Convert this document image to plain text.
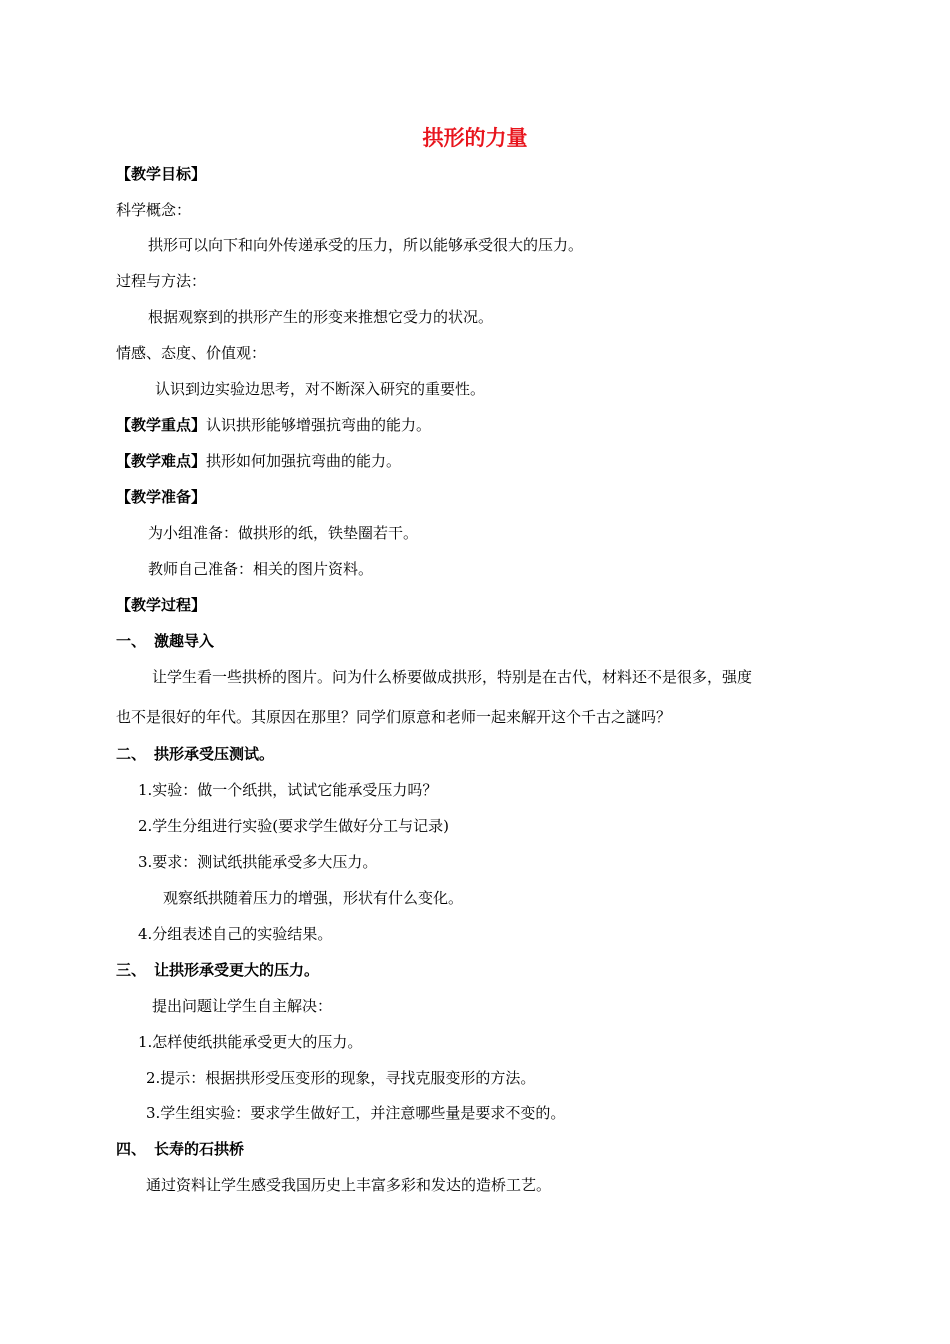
拱形的力量
【教学目标】
科学概念：
拱形可以向下和向外传递承受的压力，所以能够承受很大的压力。
过程与方法：
根据观察到的拱形产生的形变来推想它受力的状况。
情感、态度、价值观：
认识到边实验边思考，对不断深入研究的重要性。
【教学重点】认识拱形能够增强抗弯曲的能力。
【教学难点】拱形如何加强抗弯曲的能力。
【教学准备】
为小组准备：做拱形的纸，铁垫圈若干。
教师自己准备：相关的图片资料。
【教学过程】
一、 激趣导入
让学生看一些拱桥的图片。问为什么桥要做成拱形，特别是在古代，材料还不是很多，强度
也不是很好的年代。其原因在那里？同学们原意和老师一起来解开这个千古之謎吗？
二、 拱形承受压测试。
1.实验：做一个纸拱，试试它能承受压力吗？
2.学生分组进行实验(要求学生做好分工与记录)
3.要求：测试纸拱能承受多大压力。
观察纸拱随着压力的增强，形状有什么变化。
4.分组表述自己的实验结果。
三、 让拱形承受更大的压力。
提出问题让学生自主解决：
1.怎样使纸拱能承受更大的压力。
2.提示：根据拱形受压变形的现象，寻找克服变形的方法。
3.学生组实验：要求学生做好工，并注意哪些量是要求不变的。
四、 长寿的石拱桥
通过资料让学生感受我国历史上丰富多彩和发达的造桥工艺。
